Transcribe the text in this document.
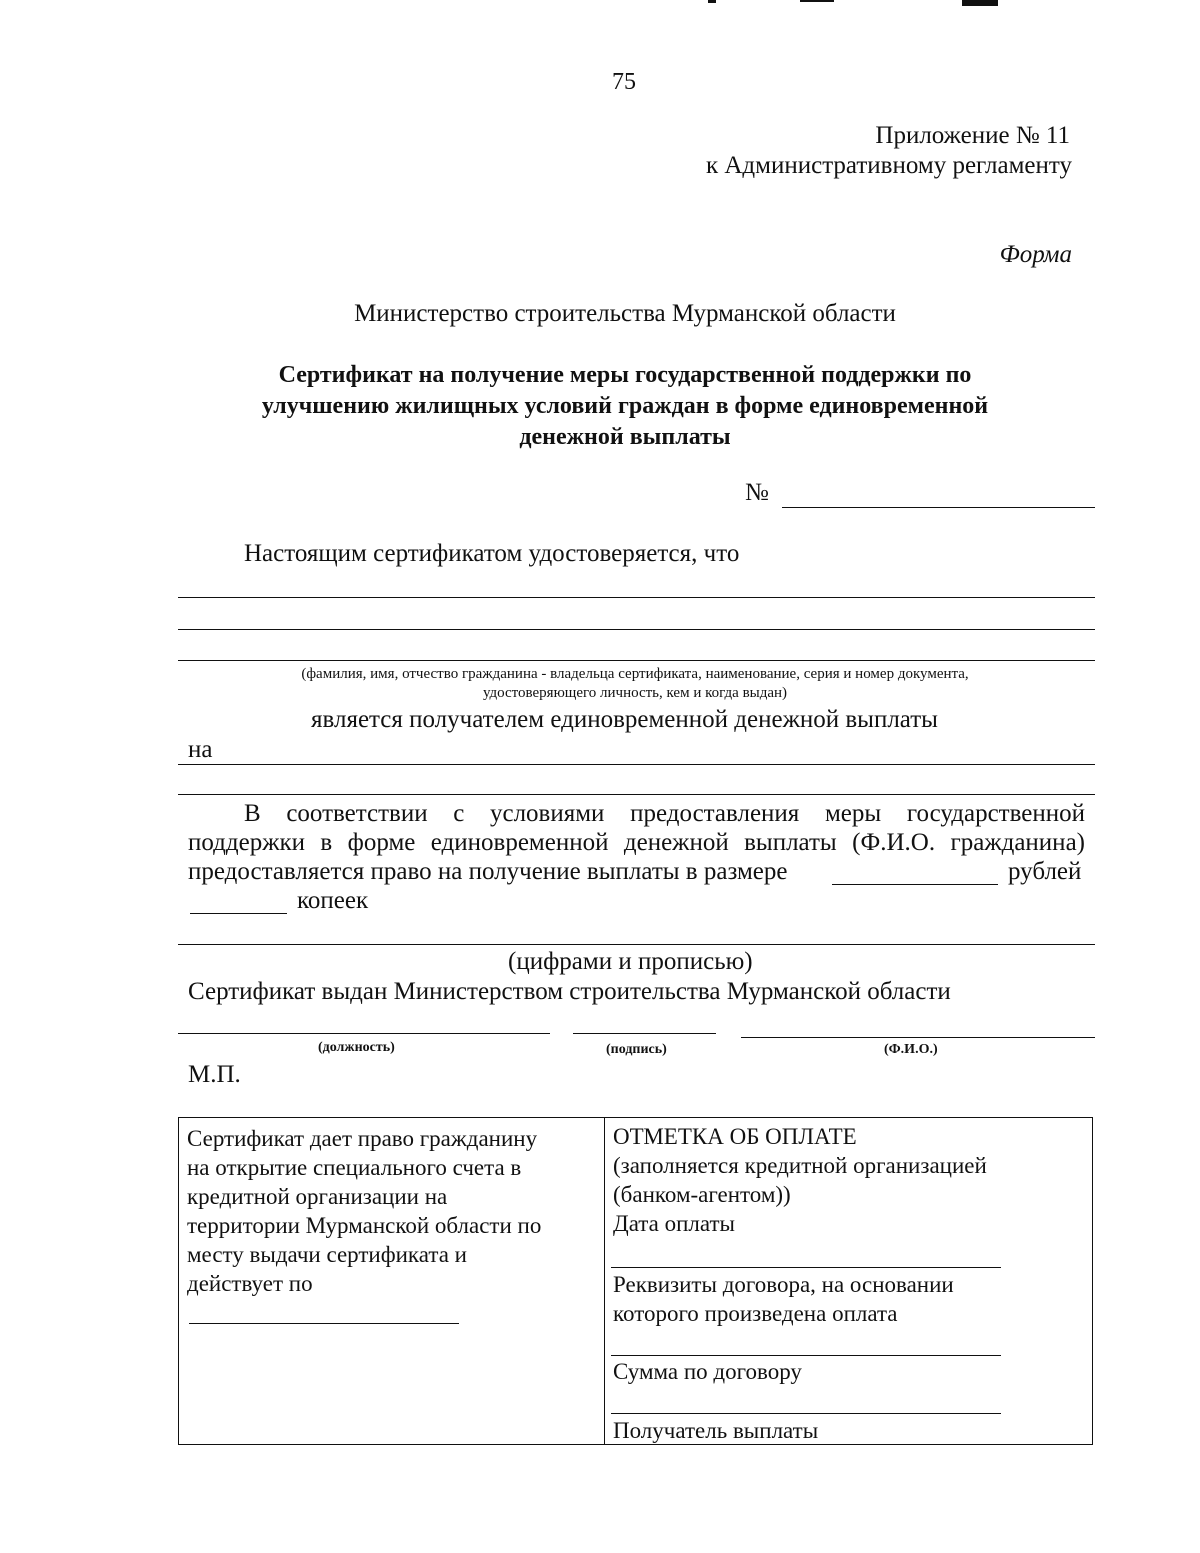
75
Приложение № 11
к Административному регламенту
Форма
Министерство строительства Мурманской области
Сертификат на получение меры государственной поддержки по
улучшению жилищных условий граждан в форме единовременной
денежной выплаты
№
Настоящим сертификатом удостоверяется, что
(фамилия, имя, отчество гражданина - владельца сертификата, наименование, серия и номер документа,
удостоверяющего личность, кем и когда выдан)
является получателем единовременной денежной выплаты
на
В соответствии с условиями предоставления меры государственной
поддержки в форме единовременной денежной выплаты (Ф.И.О. гражданина)
предоставляется право на получение выплаты в размере	рублей
копеек
(цифрами и прописью)
Сертификат выдан Министерством строительства Мурманской области
(должность)	(подпись)	(Ф.И.О.)
М.П.
Сертификат дает право гражданину
на открытие специального счета в
кредитной организации на
территории Мурманской области по
месту выдачи сертификата и
действует по
ОТМЕТКА ОБ ОПЛАТЕ
(заполняется кредитной организацией
(банком-агентом))
Дата оплаты
Реквизиты договора, на основании
которого произведена оплата
Сумма по договору
Получатель выплаты
